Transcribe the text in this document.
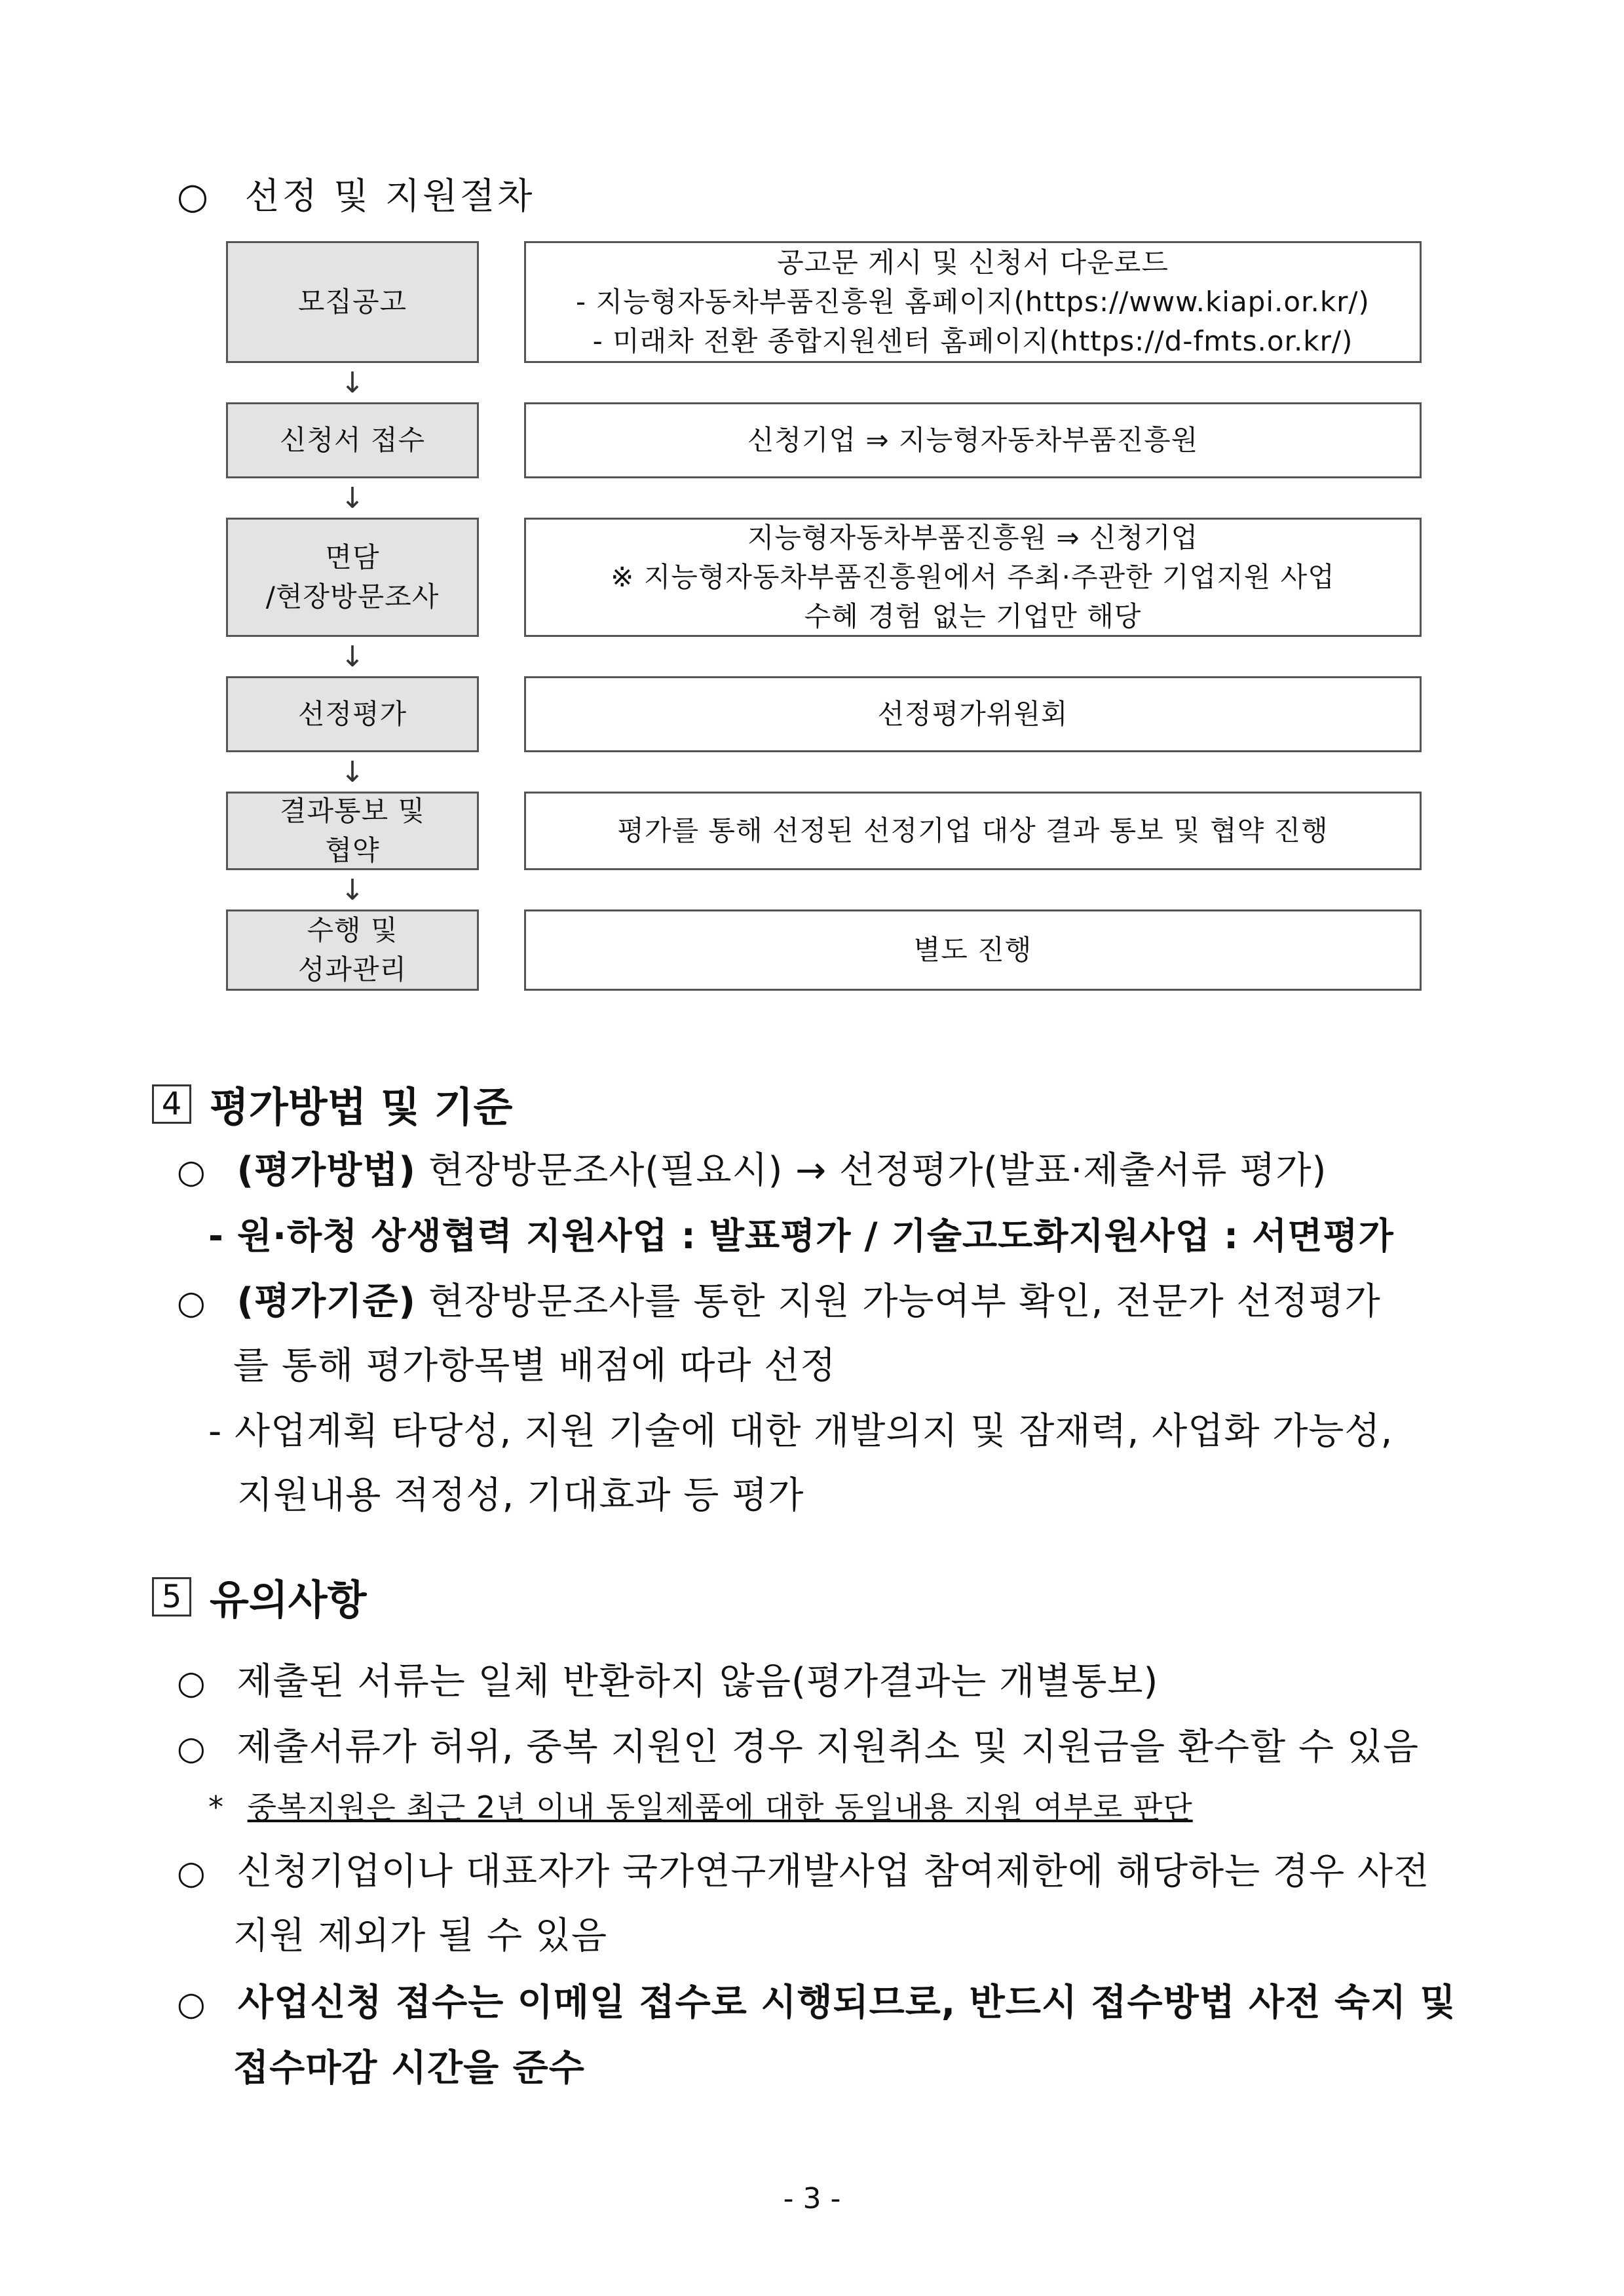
○ 선정 및 지원절차
모집공고
공고문 게시 및 신청서 다운로드
- 지능형자동차부품진흥원 홈페이지(https://www.kiapi.or.kr/)
- 미래차 전환 종합지원센터 홈페이지(https://d-fmts.or.kr/)
↓
신청서 접수	신청기업 ⇒ 지능형자동차부품진흥원
↓
면담
/현장방문조사
지능형자동차부품진흥원 ⇒ 신청기업
※ 지능형자동차부품진흥원에서 주최·주관한 기업지원 사업
수혜 경험 없는 기업만 해당
↓
선정평가	선정평가위원회
↓
결과통보 및
협약
평가를 통해 선정된 선정기업 대상 결과 통보 및 협약 진행
↓
수행 및
성과관리
별도 진행
4 평가방법 및 기준
○ (평가방법) 현장방문조사(필요시) → 선정평가(발표·제출서류 평가)
- 원·하청 상생협력 지원사업 : 발표평가 / 기술고도화지원사업 : 서면평가
○ (평가기준) 현장방문조사를 통한 지원 가능여부 확인, 전문가 선정평가
를 통해 평가항목별 배점에 따라 선정
- 사업계획 타당성, 지원 기술에 대한 개발의지 및 잠재력, 사업화 가능성,
지원내용 적정성, 기대효과 등 평가
5 유의사항
○ 제출된 서류는 일체 반환하지 않음(평가결과는 개별통보)
○ 제출서류가 허위, 중복 지원인 경우 지원취소 및 지원금을 환수할 수 있음
* 중복지원은 최근 2년 이내 동일제품에 대한 동일내용 지원 여부로 판단
○ 신청기업이나 대표자가 국가연구개발사업 참여제한에 해당하는 경우 사전
지원 제외가 될 수 있음
○ 사업신청 접수는 이메일 접수로 시행되므로, 반드시 접수방법 사전 숙지 및
접수마감 시간을 준수
- 3 -
